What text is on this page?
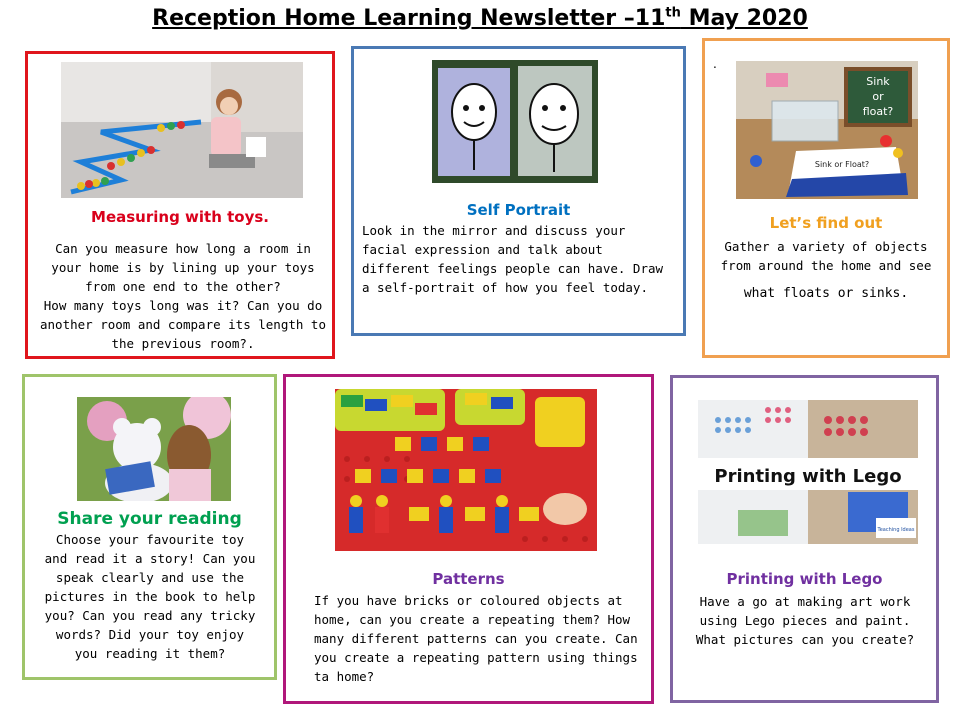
Reception Home Learning Newsletter –11th May 2020
Measuring with toys.
Can you measure how long a room in your home is by lining up your toys from one end to the other?
How many toys long was it? Can you do another room and compare its length to the previous room?.
Self Portrait
Look in the mirror and discuss your facial expression and talk about different feelings people can have. Draw a self-portrait of how you feel today.
.
Sink
or
float?
Sink or Float?
Let’s find out
Gather a variety of objects from around the home and see
what floats or sinks.
Share your reading
Choose your favourite toy and read it a story! Can you speak clearly and use the pictures in the book to help you? Can you read any tricky words? Did your toy enjoy you reading it them?
Patterns
If you have bricks or coloured objects at home, can you create a repeating them? How many different patterns can you create. Can you create a repeating pattern using things ta home?
Printing with Lego
Teaching Ideas
Printing with Lego
Have a go at making art work using Lego pieces and paint. What pictures can you create?
